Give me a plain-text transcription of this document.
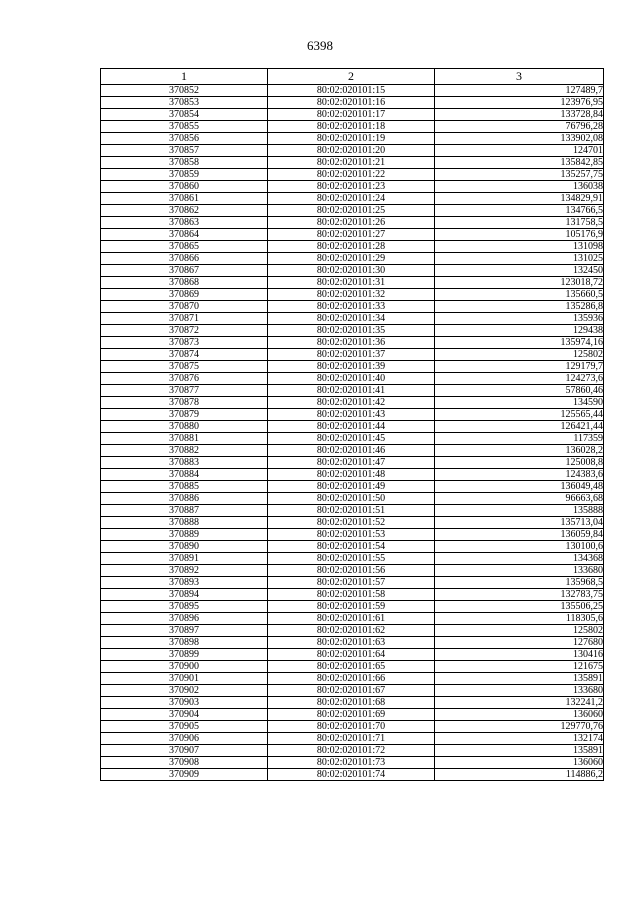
6398
1	2	3
370852	80:02:020101:15	127489,7
370853	80:02:020101:16	123976,95
370854	80:02:020101:17	133728,84
370855	80:02:020101:18	76796,28
370856	80:02:020101:19	133902,08
370857	80:02:020101:20	124701
370858	80:02:020101:21	135842,85
370859	80:02:020101:22	135257,75
370860	80:02:020101:23	136038
370861	80:02:020101:24	134829,91
370862	80:02:020101:25	134766,5
370863	80:02:020101:26	131758,5
370864	80:02:020101:27	105176,9
370865	80:02:020101:28	131098
370866	80:02:020101:29	131025
370867	80:02:020101:30	132450
370868	80:02:020101:31	123018,72
370869	80:02:020101:32	135660,5
370870	80:02:020101:33	135286,8
370871	80:02:020101:34	135936
370872	80:02:020101:35	129438
370873	80:02:020101:36	135974,16
370874	80:02:020101:37	125802
370875	80:02:020101:39	129179,7
370876	80:02:020101:40	124273,6
370877	80:02:020101:41	57860,46
370878	80:02:020101:42	134590
370879	80:02:020101:43	125565,44
370880	80:02:020101:44	126421,44
370881	80:02:020101:45	117359
370882	80:02:020101:46	136028,2
370883	80:02:020101:47	125008,8
370884	80:02:020101:48	124383,6
370885	80:02:020101:49	136049,48
370886	80:02:020101:50	96663,68
370887	80:02:020101:51	135888
370888	80:02:020101:52	135713,04
370889	80:02:020101:53	136059,84
370890	80:02:020101:54	130100,6
370891	80:02:020101:55	134368
370892	80:02:020101:56	133680
370893	80:02:020101:57	135968,5
370894	80:02:020101:58	132783,75
370895	80:02:020101:59	135506,25
370896	80:02:020101:61	118305,6
370897	80:02:020101:62	125802
370898	80:02:020101:63	127680
370899	80:02:020101:64	130416
370900	80:02:020101:65	121675
370901	80:02:020101:66	135891
370902	80:02:020101:67	133680
370903	80:02:020101:68	132241,2
370904	80:02:020101:69	136060
370905	80:02:020101:70	129770,76
370906	80:02:020101:71	132174
370907	80:02:020101:72	135891
370908	80:02:020101:73	136060
370909	80:02:020101:74	114886,2
